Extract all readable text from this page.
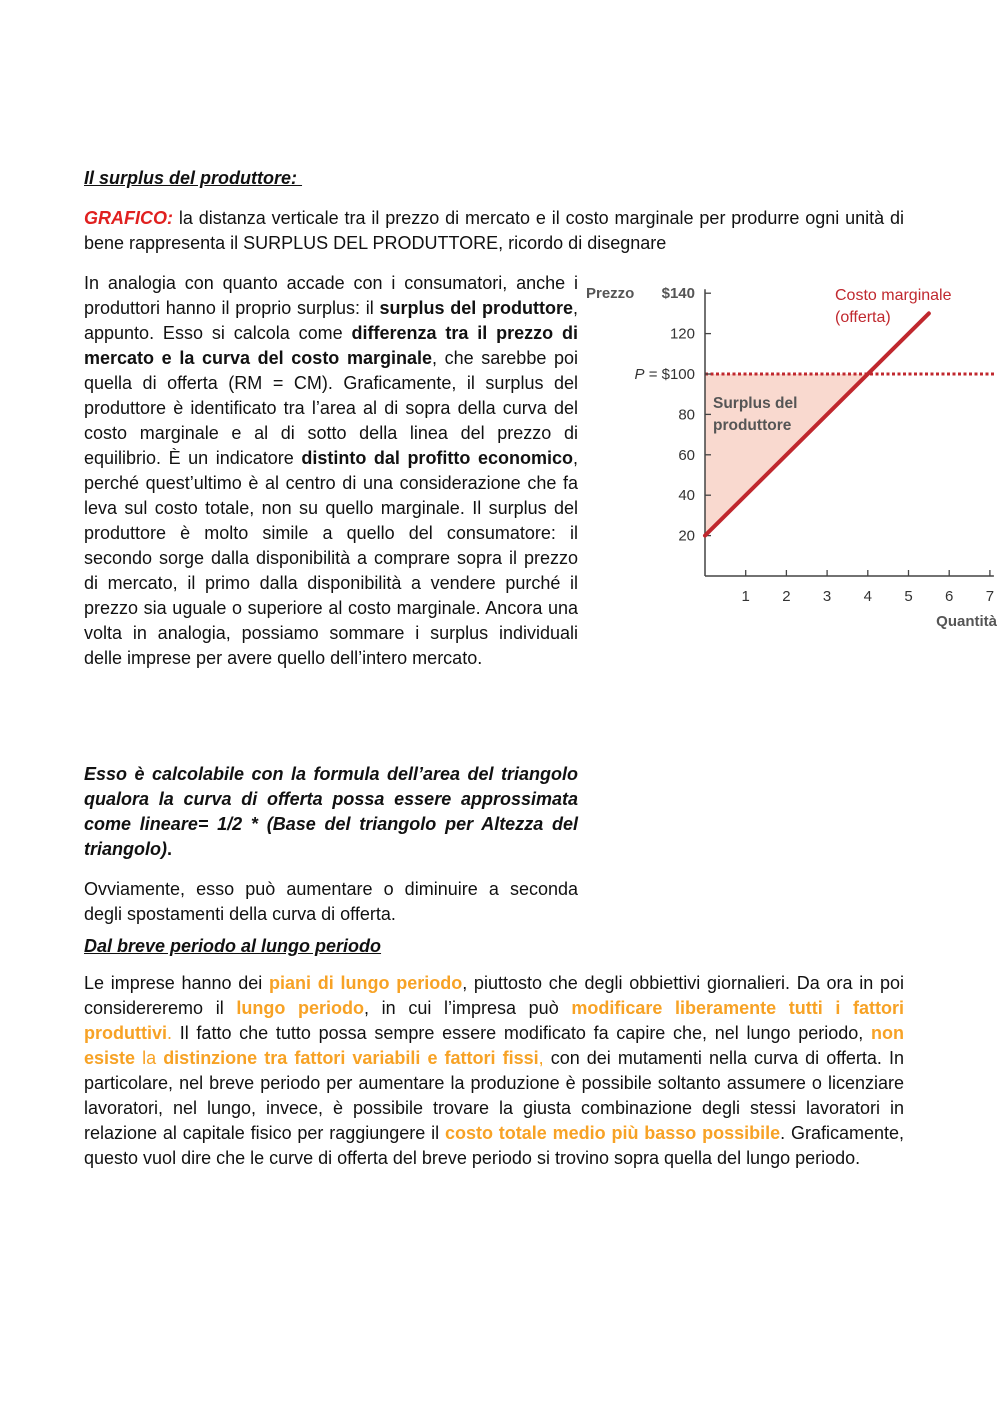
Il surplus del produttore:
GRAFICO: la distanza verticale tra il prezzo di mercato e il costo marginale per produrre ogni unità di bene rappresenta il SURPLUS DEL PRODUTTORE, ricordo di disegnare
In analogia con quanto accade con i consumatori, anche i produttori hanno il proprio surplus: il surplus del produttore, appunto. Esso si calcola come differenza tra il prezzo di mercato e la curva del costo marginale, che sarebbe poi quella di offerta (RM = CM). Graficamente, il surplus del produttore è identificato tra l’area al di sopra della curva del costo marginale e al di sotto della linea del prezzo di equilibrio. È un indicatore distinto dal profitto economico, perché quest’ultimo è al centro di una considerazione che fa leva sul costo totale, non su quello marginale. Il surplus del produttore è molto simile a quello del consumatore: il secondo sorge dalla disponibilità a comprare sopra il prezzo di mercato, il primo dalla disponibilità a vendere purché il prezzo sia uguale o superiore al costo marginale. Ancora una volta in analogia, possiamo sommare i surplus individuali delle imprese per avere quello dell’intero mercato.
Esso è calcolabile con la formula dell’area del triangolo qualora la curva di offerta possa essere approssimata come lineare= 1/2 * (Base del triangolo per Altezza del triangolo).
Ovviamente, esso può aumentare o diminuire a seconda degli spostamenti della curva di offerta.
Dal breve periodo al lungo periodo
Le imprese hanno dei piani di lungo periodo, piuttosto che degli obbiettivi giornalieri. Da ora in poi considereremo il lungo periodo, in cui l’impresa può modificare liberamente tutti i fattori produttivi. Il fatto che tutto possa sempre essere modificato fa capire che, nel lungo periodo, non esiste la distinzione tra fattori variabili e fattori fissi, con dei mutamenti nella curva di offerta. In particolare, nel breve periodo per aumentare la produzione è possibile soltanto assumere o licenziare lavoratori, nel lungo, invece, è possibile trovare la giusta combinazione degli stessi lavoratori in relazione al capitale fisico per raggiungere il costo totale medio più basso possibile. Graficamente, questo vuol dire che le curve di offerta del breve periodo si trovino sopra quella del lungo periodo.
$140
120
P = $100
80
60
40
20
Prezzo
1 2 3 4 5 6 7
Quantità
Costo marginale
(offerta)
Surplus del
produttore
